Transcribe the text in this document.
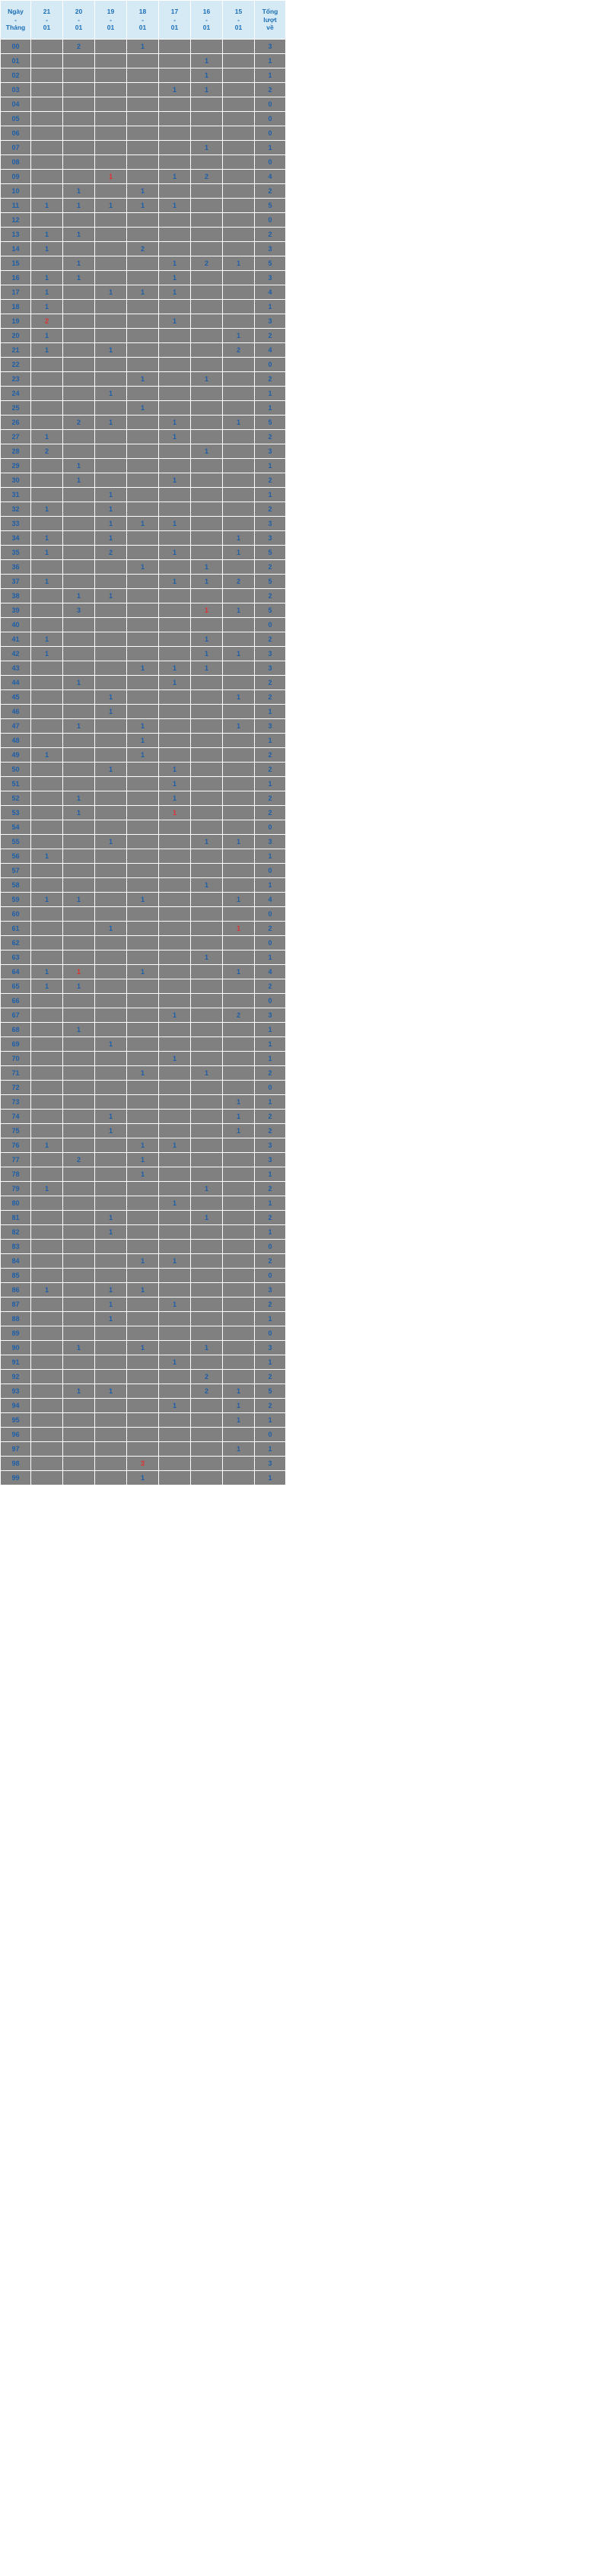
Ngày
-
Tháng	21
-
01	20
-
01	19
-
01	18
-
01	17
-
01	16
-
01	15
-
01	Tổng
lượt
về

00		2		1				3
01						1		1
02						1		1
03					1	1		2
04								0
05								0
06								0
07						1		1
08								0
09			1		1	2		4
10		1		1				2
11	1	1	1	1	1			5
12								0
13	1	1						2
14	1			2				3
15		1			1	2	1	5
16	1	1			1			3
17	1		1	1	1			4
18	1							1
19	2				1			3
20	1						1	2
21	1		1				2	4
22								0
23				1		1		2
24			1					1
25				1				1
26		2	1		1		1	5
27	1				1			2
28	2					1		3
29		1						1
30		1			1			2
31			1					1
32	1		1					2
33			1	1	1			3
34	1		1				1	3
35	1		2		1		1	5
36				1		1		2
37	1				1	1	2	5
38		1	1					2
39		3				1	1	5
40								0
41	1					1		2
42	1					1	1	3
43				1	1	1		3
44		1			1			2
45			1				1	2
46			1					1
47		1		1			1	3
48				1				1
49	1			1				2
50			1		1			2
51					1			1
52		1			1			2
53		1			1			2
54								0
55			1			1	1	3
56	1							1
57								0
58						1		1
59	1	1		1			1	4
60								0
61			1				1	2
62								0
63						1		1
64	1	1		1			1	4
65	1	1						2
66								0
67					1		2	3
68		1						1
69			1					1
70					1			1
71				1		1		2
72								0
73							1	1
74			1				1	2
75			1				1	2
76	1			1	1			3
77		2		1				3
78				1				1
79	1					1		2
80					1			1
81			1			1		2
82			1					1
83								0
84				1	1			2
85								0
86	1		1	1				3
87			1		1			2
88			1					1
89								0
90		1		1		1		3
91					1			1
92						2		2
93		1	1			2	1	5
94					1		1	2
95							1	1
96								0
97							1	1
98				3				3
99				1				1
